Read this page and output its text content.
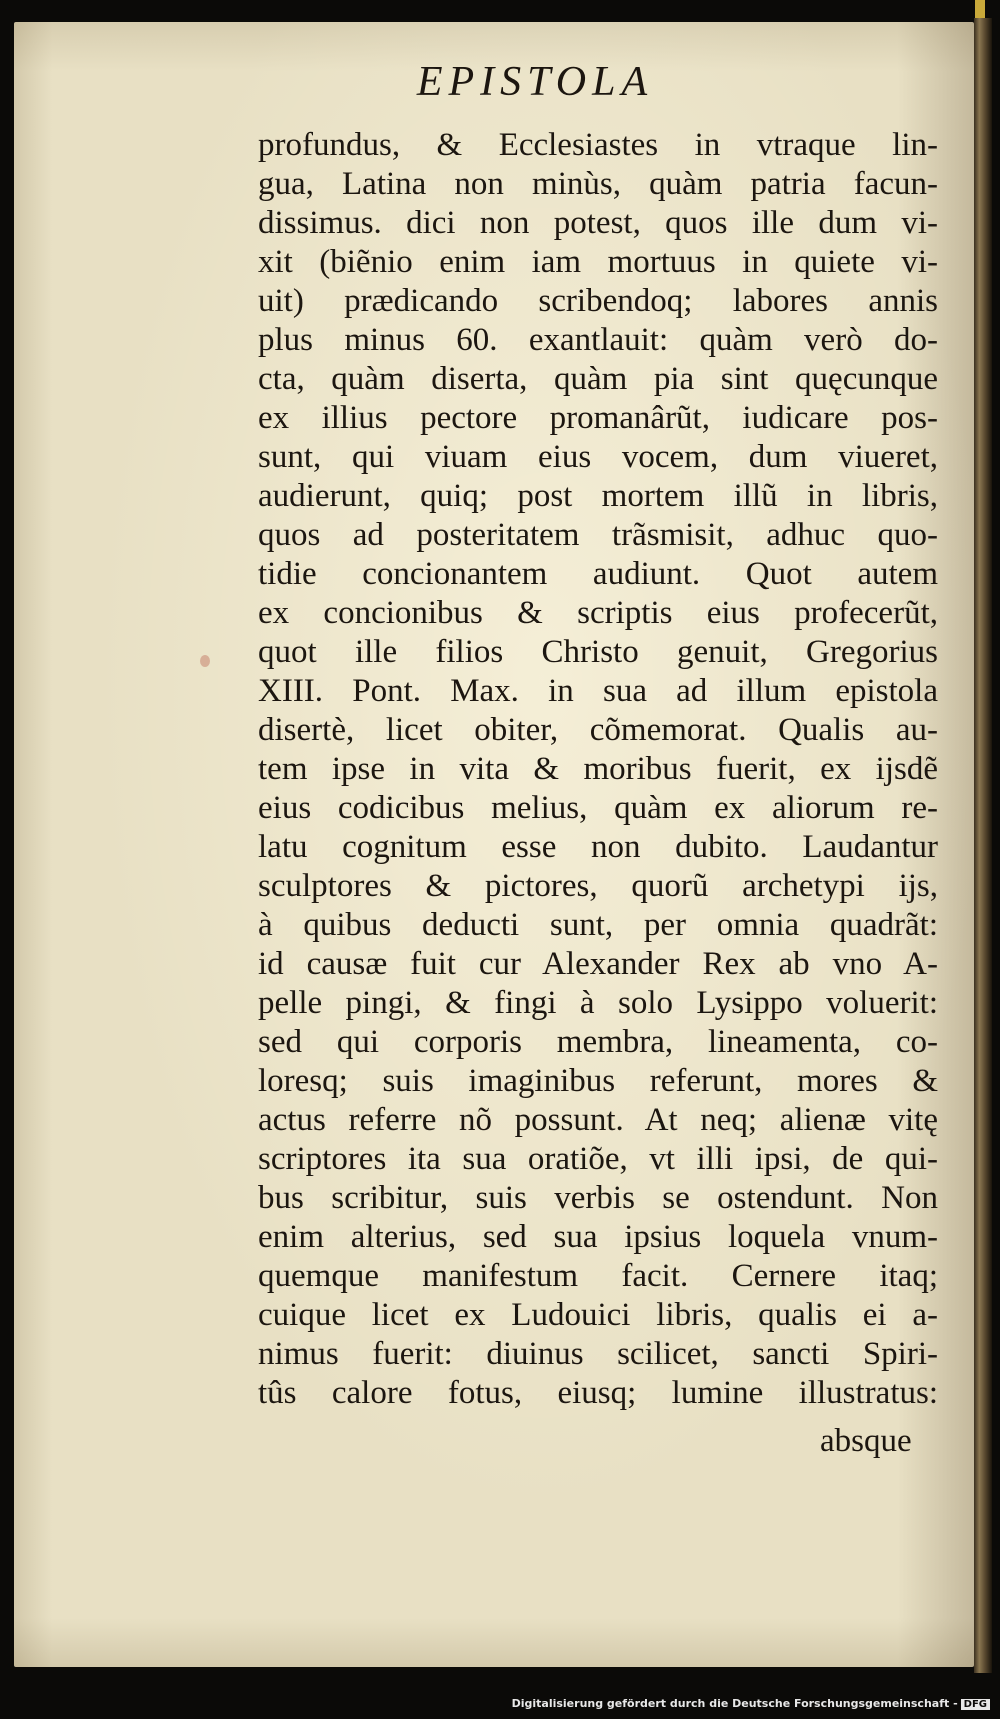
EPISTOLA
profundus, & Ecclesiastes in vtraque lin-
gua, Latina non minùs, quàm patria facun-
dissimus. dici non potest, quos ille dum vi-
xit (biẽnio enim iam mortuus in quiete vi-
uit) prædicando scribendoq; labores annis
plus minus 60. exantlauit: quàm verò do-
cta, quàm diserta, quàm pia sint quęcunque
ex illius pectore promanârũt, iudicare pos-
sunt, qui viuam eius vocem, dum viueret,
audierunt, quiq; post mortem illũ in libris,
quos ad posteritatem trãsmisit, adhuc quo-
tidie concionantem audiunt. Quot autem
ex concionibus & scriptis eius profecerũt,
quot ille filios Christo genuit, Gregorius
XIII. Pont. Max. in sua ad illum epistola
disertè, licet obiter, cõmemorat. Qualis au-
tem ipse in vita & moribus fuerit, ex ijsdẽ
eius codicibus melius, quàm ex aliorum re-
latu cognitum esse non dubito. Laudantur
sculptores & pictores, quorũ archetypi ijs,
à quibus deducti sunt, per omnia quadrãt:
id causæ fuit cur Alexander Rex ab vno A-
pelle pingi, & fingi à solo Lysippo voluerit:
sed qui corporis membra, lineamenta, co-
loresq; suis imaginibus referunt, mores &
actus referre nõ possunt. At neq; alienæ vitę
scriptores ita sua oratiõe, vt illi ipsi, de qui-
bus scribitur, suis verbis se ostendunt. Non
enim alterius, sed sua ipsius loquela vnum-
quemque manifestum facit. Cernere itaq;
cuique licet ex Ludouici libris, qualis ei a-
nimus fuerit: diuinus scilicet, sancti Spiri-
tûs calore fotus, eiusq; lumine illustratus:
absque
Digitalisierung gefördert durch die Deutsche Forschungsgemeinschaft - DFG
